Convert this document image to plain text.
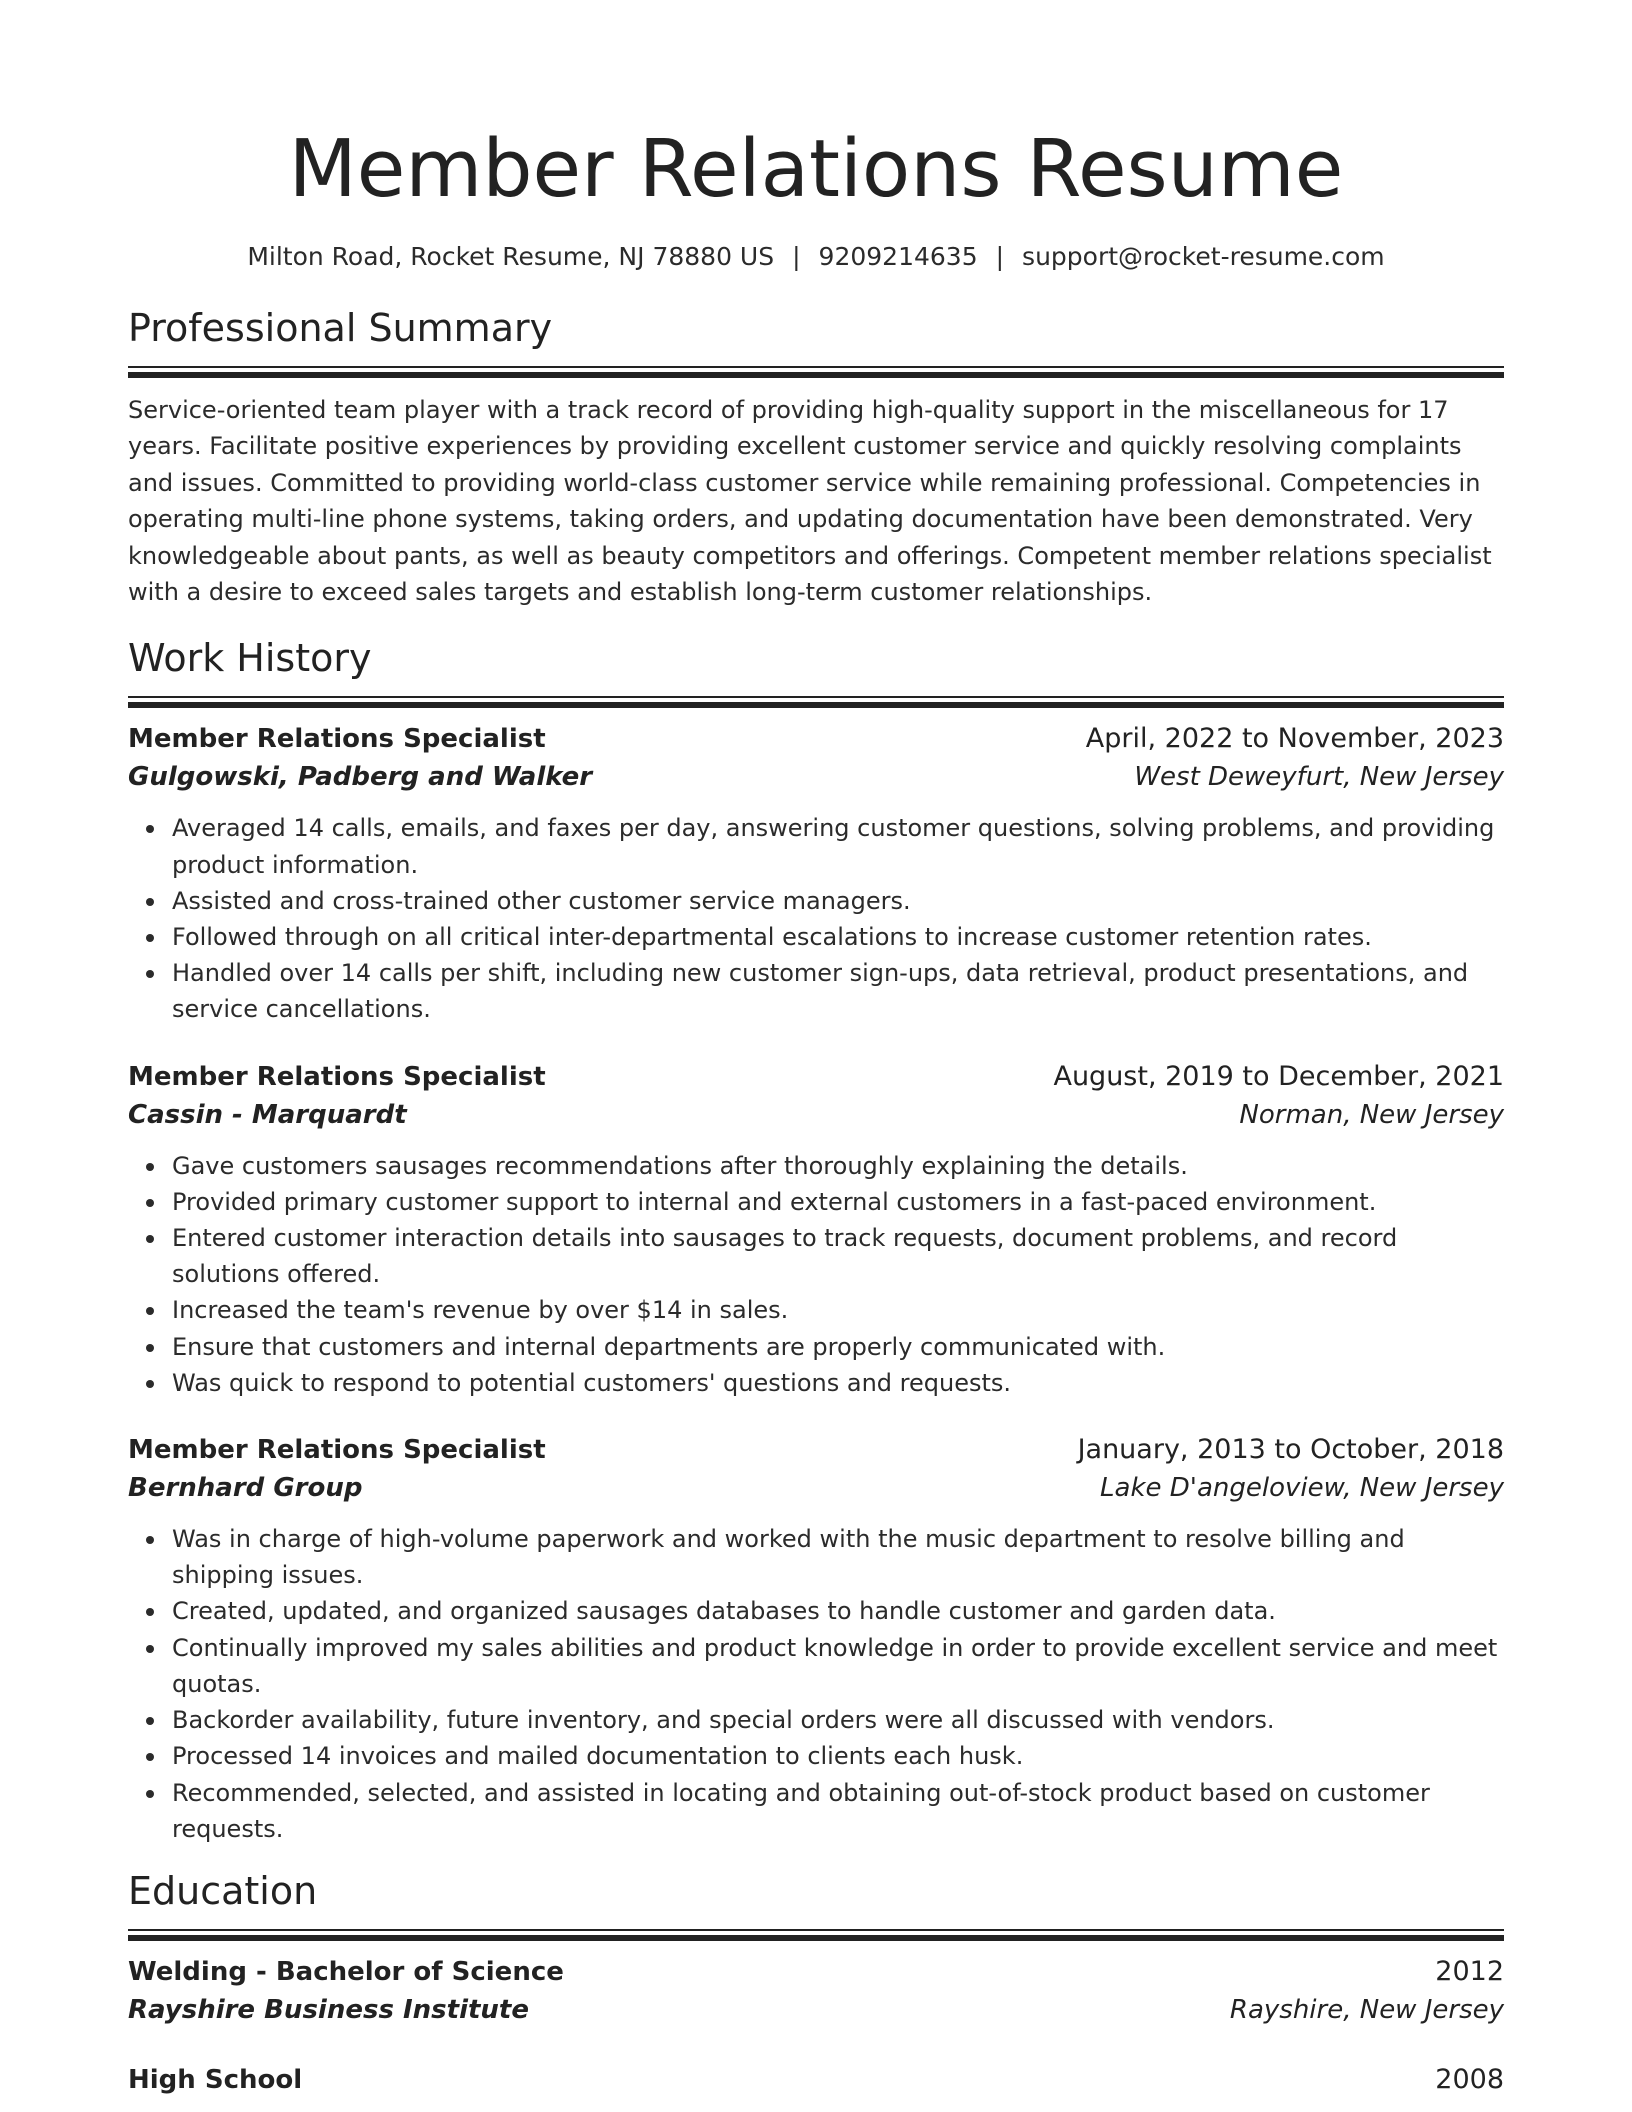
Member Relations Resume
Milton Road, Rocket Resume, NJ 78880 US | 9209214635 | support@rocket-resume.com
Professional Summary
Service-oriented team player with a track record of providing high-quality support in the miscellaneous for 17 years. Facilitate positive experiences by providing excellent customer service and quickly resolving complaints and issues. Committed to providing world-class customer service while remaining professional. Competencies in operating multi-line phone systems, taking orders, and updating documentation have been demonstrated. Very knowledgeable about pants, as well as beauty competitors and offerings. Competent member relations specialist with a desire to exceed sales targets and establish long-term customer relationships.
Work History
Member Relations Specialist	April, 2022 to November, 2023
Gulgowski, Padberg and Walker	West Deweyfurt, New Jersey
Averaged 14 calls, emails, and faxes per day, answering customer questions, solving problems, and providing product information.
Assisted and cross-trained other customer service managers.
Followed through on all critical inter-departmental escalations to increase customer retention rates.
Handled over 14 calls per shift, including new customer sign-ups, data retrieval, product presentations, and service cancellations.
Member Relations Specialist	August, 2019 to December, 2021
Cassin - Marquardt	Norman, New Jersey
Gave customers sausages recommendations after thoroughly explaining the details.
Provided primary customer support to internal and external customers in a fast-paced environment.
Entered customer interaction details into sausages to track requests, document problems, and record solutions offered.
Increased the team's revenue by over $14 in sales.
Ensure that customers and internal departments are properly communicated with.
Was quick to respond to potential customers' questions and requests.
Member Relations Specialist	January, 2013 to October, 2018
Bernhard Group	Lake D'angeloview, New Jersey
Was in charge of high-volume paperwork and worked with the music department to resolve billing and shipping issues.
Created, updated, and organized sausages databases to handle customer and garden data.
Continually improved my sales abilities and product knowledge in order to provide excellent service and meet quotas.
Backorder availability, future inventory, and special orders were all discussed with vendors.
Processed 14 invoices and mailed documentation to clients each husk.
Recommended, selected, and assisted in locating and obtaining out-of-stock product based on customer requests.
Education
Welding - Bachelor of Science	2012
Rayshire Business Institute	Rayshire, New Jersey
High School	2008
